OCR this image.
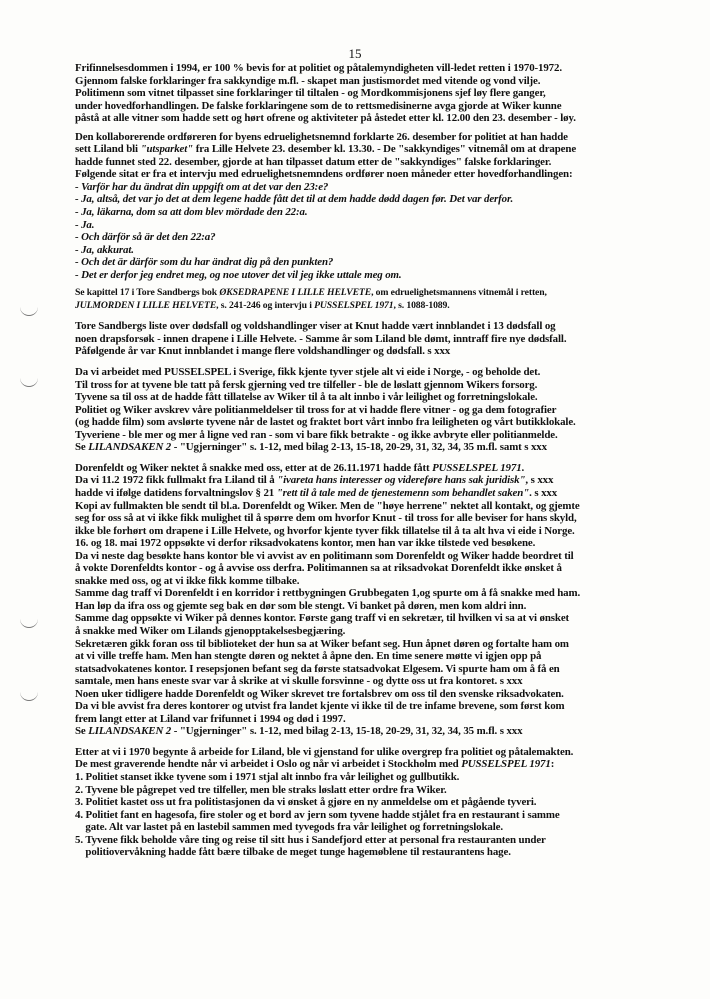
15

Frifinnelsesdommen i 1994, er 100 % bevis for at politiet og påtalemyndigheten vill-ledet retten i 1970-1972.
Gjennom falske forklaringer fra sakkyndige m.fl. - skapet man justismordet med vitende og vond vilje.
Politimenn som vitnet tilpasset sine forklaringer til tiltalen - og Mordkommisjonens sjef løy flere ganger,
under hovedforhandlingen. De falske forklaringene som de to rettsmedisinerne avga gjorde at Wiker kunne
påstå at alle vitner som hadde sett og hørt ofrene og aktiviteter på åstedet etter kl. 12.00 den 23. desember - løy.

Den kollaborerende ordføreren for byens edruelighetsnemnd forklarte 26. desember for politiet at han hadde
sett Liland bli "utsparket" fra Lille Helvete 23. desember kl. 13.30. - De "sakkyndiges" vitnemål om at drapene
hadde funnet sted 22. desember, gjorde at han tilpasset datum etter de "sakkyndiges" falske forklaringer.
Følgende sitat er fra et intervju med edruelighetsnemndens ordfører noen måneder etter hovedforhandlingen:
- Varför har du ändrat din uppgift om at det var den 23:e?
- Ja, altså, det var jo det at dem legene hadde fått det til at dem hadde dødd dagen før. Det var derfor.
- Ja, läkarna, dom sa att dom blev mördade den 22:a.
- Ja.
- Och därför så är det den 22:a?
- Ja, akkurat.
- Och det är därför som du har ändrat dig på den punkten?
- Det er derfor jeg endret meg, og noe utover det vil jeg ikke uttale meg om.

Se kapittel 17 i Tore Sandbergs bok ØKSEDRAPENE I LILLE HELVETE, om edruelighetsmannens vitnemål i retten,
JULMORDEN I LILLE HELVETE, s. 241-246 og intervju i PUSSELSPEL 1971, s. 1088-1089.

Tore Sandbergs liste over dødsfall og voldshandlinger viser at Knut hadde vært innblandet i 13 dødsfall og
noen drapsforsøk - innen drapene i Lille Helvete. - Samme år som Liland ble dømt, inntraff fire nye dødsfall.
Påfølgende år var Knut innblandet i mange flere voldshandlinger og dødsfall. s xxx

Da vi arbeidet med PUSSELSPEL i Sverige, fikk kjente tyver stjele alt vi eide i Norge, - og beholde det.
Til tross for at tyvene ble tatt på fersk gjerning ved tre tilfeller - ble de løslatt gjennom Wikers forsorg.
Tyvene sa til oss at de hadde fått tillatelse av Wiker til å ta alt innbo i vår leilighet og forretningslokale.
Politiet og Wiker avskrev våre politianmeldelser til tross for at vi hadde flere vitner - og ga dem fotografier
(og hadde film) som avslørte tyvene når de lastet og fraktet bort vårt innbo fra leiligheten og vårt butikklokale.
Tyveriene - ble mer og mer å ligne ved ran - som vi bare fikk betrakte - og ikke avbryte eller politianmelde.
Se LILANDSAKEN 2 - "Ugjerninger" s. 1-12, med bilag 2-13, 15-18, 20-29, 31, 32, 34, 35 m.fl. samt s xxx

Dorenfeldt og Wiker nektet å snakke med oss, etter at de 26.11.1971 hadde fått PUSSELSPEL 1971.
Da vi 11.2 1972 fikk fullmakt fra Liland til å "ivareta hans interesser og videreføre hans sak juridisk", s xxx
hadde vi ifølge datidens forvaltningslov § 21 "rett til å tale med de tjenestemenn som behandlet saken". s xxx
Kopi av fullmakten ble sendt til bl.a. Dorenfeldt og Wiker. Men de "høye herrene" nektet all kontakt, og gjemte
seg for oss så at vi ikke fikk mulighet til å spørre dem om hvorfor Knut - til tross for alle beviser for hans skyld,
ikke ble forhørt om drapene i Lille Helvete, og hvorfor kjente tyver fikk tillatelse til å ta alt hva vi eide i Norge.
16. og 18. mai 1972 oppsøkte vi derfor riksadvokatens kontor, men han var ikke tilstede ved besøkene.
Da vi neste dag besøkte hans kontor ble vi avvist av en politimann som Dorenfeldt og Wiker hadde beordret til
å vokte Dorenfeldts kontor - og å avvise oss derfra. Politimannen sa at riksadvokat Dorenfeldt ikke ønsket å
snakke med oss, og at vi ikke fikk komme tilbake.
Samme dag traff vi Dorenfeldt i en korridor i rettbygningen Grubbegaten 1,og spurte om å få snakke med ham.
Han løp da ifra oss og gjemte seg bak en dør som ble stengt. Vi banket på døren, men kom aldri inn.
Samme dag oppsøkte vi Wiker på dennes kontor. Første gang traff vi en sekretær, til hvilken vi sa at vi ønsket
å snakke med Wiker om Lilands gjenopptakelsesbegjæring.
Sekretæren gikk foran oss til biblioteket der hun sa at Wiker befant seg. Hun åpnet døren og fortalte ham om
at vi ville treffe ham. Men han stengte døren og nektet å åpne den. En time senere møtte vi igjen opp på
statsadvokatenes kontor. I resepsjonen befant seg da første statsadvokat Elgesem. Vi spurte ham om å få en
samtale, men hans eneste svar var å skrike at vi skulle forsvinne - og dytte oss ut fra kontoret. s xxx
Noen uker tidligere hadde Dorenfeldt og Wiker skrevet tre fortalsbrev om oss til den svenske riksadvokaten.
Da vi ble avvist fra deres kontorer og utvist fra landet kjente vi ikke til de tre infame brevene, som først kom
frem langt etter at Liland var frifunnet i 1994 og død i 1997.
Se LILANDSAKEN 2 - "Ugjerninger" s. 1-12, med bilag 2-13, 15-18, 20-29, 31, 32, 34, 35 m.fl. s xxx

Etter at vi i 1970 begynte å arbeide for Liland, ble vi gjenstand for ulike overgrep fra politiet og påtalemakten.
De mest graverende hendte når vi arbeidet i Oslo og når vi arbeidet i Stockholm med PUSSELSPEL 1971:
1. Politiet stanset ikke tyvene som i 1971 stjal alt innbo fra vår leilighet og gullbutikk.
2. Tyvene ble pågrepet ved tre tilfeller, men ble straks løslatt etter ordre fra Wiker.
3. Politiet kastet oss ut fra politistasjonen da vi ønsket å gjøre en ny anmeldelse om et pågående tyveri.
4. Politiet fant en hagesofa, fire stoler og et bord av jern som tyvene hadde stjålet fra en restaurant i samme
gate. Alt var lastet på en lastebil sammen med tyvegods fra vår leilighet og forretningslokale.
5. Tyvene fikk beholde våre ting og reise til sitt hus i Sandefjord etter at personal fra restauranten under
politiovervåkning hadde fått bære tilbake de meget tunge hagemøblene til restaurantens hage.
